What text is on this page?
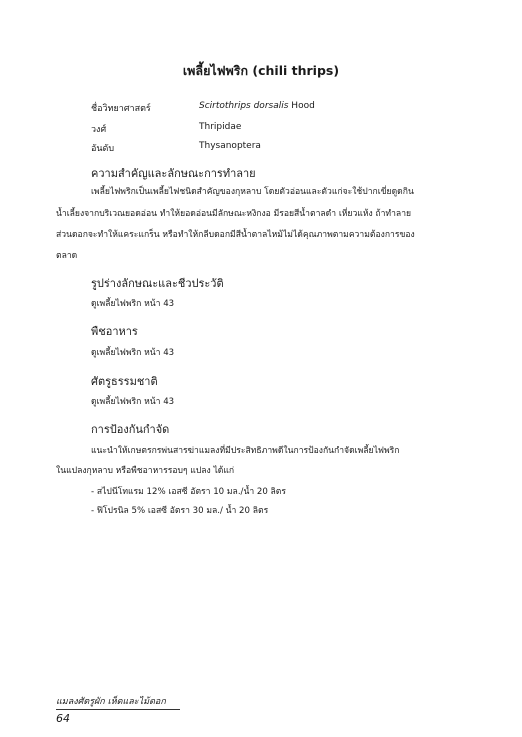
เพลี้ยไฟพริก (chili thrips)
ชื่อวิทยาศาสตร์	Scirtothrips dorsalis Hood
วงศ์	Thripidae
อันดับ	Thysanoptera
ความสำคัญและลักษณะการทำลาย
เพลี้ยไฟพริกเป็นเพลี้ยไฟชนิดสำคัญของกุหลาบ โดยตัวอ่อนและตัวแก่จะใช้ปากเขี่ยดูดกิน
น้ำเลี้ยงจากบริเวณยอดอ่อน ทำให้ยอดอ่อนมีลักษณะหงิกงอ มีรอยสีน้ำตาลดำ เหี่ยวแห้ง ถ้าทำลาย
ส่วนดอกจะทำให้แคระแกร็น หรือทำให้กลีบดอกมีสีน้ำตาลไหม้ไม่ได้คุณภาพตามความต้องการของ
ตลาด
รูปร่างลักษณะและชีวประวัติ
ดูเพลี้ยไฟพริก หน้า 43
พืชอาหาร
ดูเพลี้ยไฟพริก หน้า 43
ศัตรูธรรมชาติ
ดูเพลี้ยไฟพริก หน้า 43
การป้องกันกำจัด
แนะนำให้เกษตรกรพ่นสารฆ่าแมลงที่มีประสิทธิภาพดีในการป้องกันกำจัดเพลี้ยไฟพริก
ในแปลงกุหลาบ หรือพืชอาหารรอบๆ แปลง ได้แก่
- สไปนีโทแรม 12% เอสซี อัตรา 10 มล./น้ำ 20 ลิตร
- ฟิโปรนิล 5% เอสซี อัตรา 30 มล./ น้ำ 20 ลิตร
แมลงศัตรูผัก เห็ดและไม้ดอก
64
